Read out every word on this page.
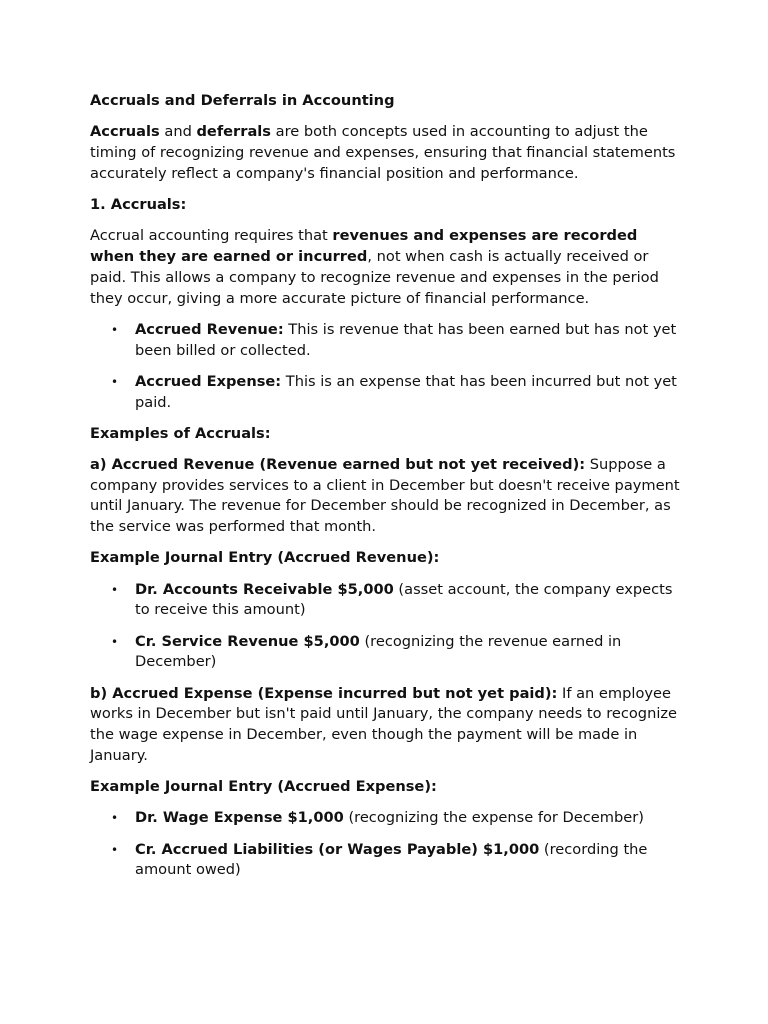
Accruals and Deferrals in Accounting

Accruals and deferrals are both concepts used in accounting to adjust the timing of recognizing revenue and expenses, ensuring that financial statements accurately reflect a company's financial position and performance.

1. Accruals:

Accrual accounting requires that revenues and expenses are recorded when they are earned or incurred, not when cash is actually received or paid. This allows a company to recognize revenue and expenses in the period they occur, giving a more accurate picture of financial performance.

• Accrued Revenue: This is revenue that has been earned but has not yet been billed or collected.
• Accrued Expense: This is an expense that has been incurred but not yet paid.

Examples of Accruals:

a) Accrued Revenue (Revenue earned but not yet received): Suppose a company provides services to a client in December but doesn't receive payment until January. The revenue for December should be recognized in December, as the service was performed that month.

Example Journal Entry (Accrued Revenue):

• Dr. Accounts Receivable $5,000 (asset account, the company expects to receive this amount)
• Cr. Service Revenue $5,000 (recognizing the revenue earned in December)

b) Accrued Expense (Expense incurred but not yet paid): If an employee works in December but isn't paid until January, the company needs to recognize the wage expense in December, even though the payment will be made in January.

Example Journal Entry (Accrued Expense):

• Dr. Wage Expense $1,000 (recognizing the expense for December)
• Cr. Accrued Liabilities (or Wages Payable) $1,000 (recording the amount owed)
